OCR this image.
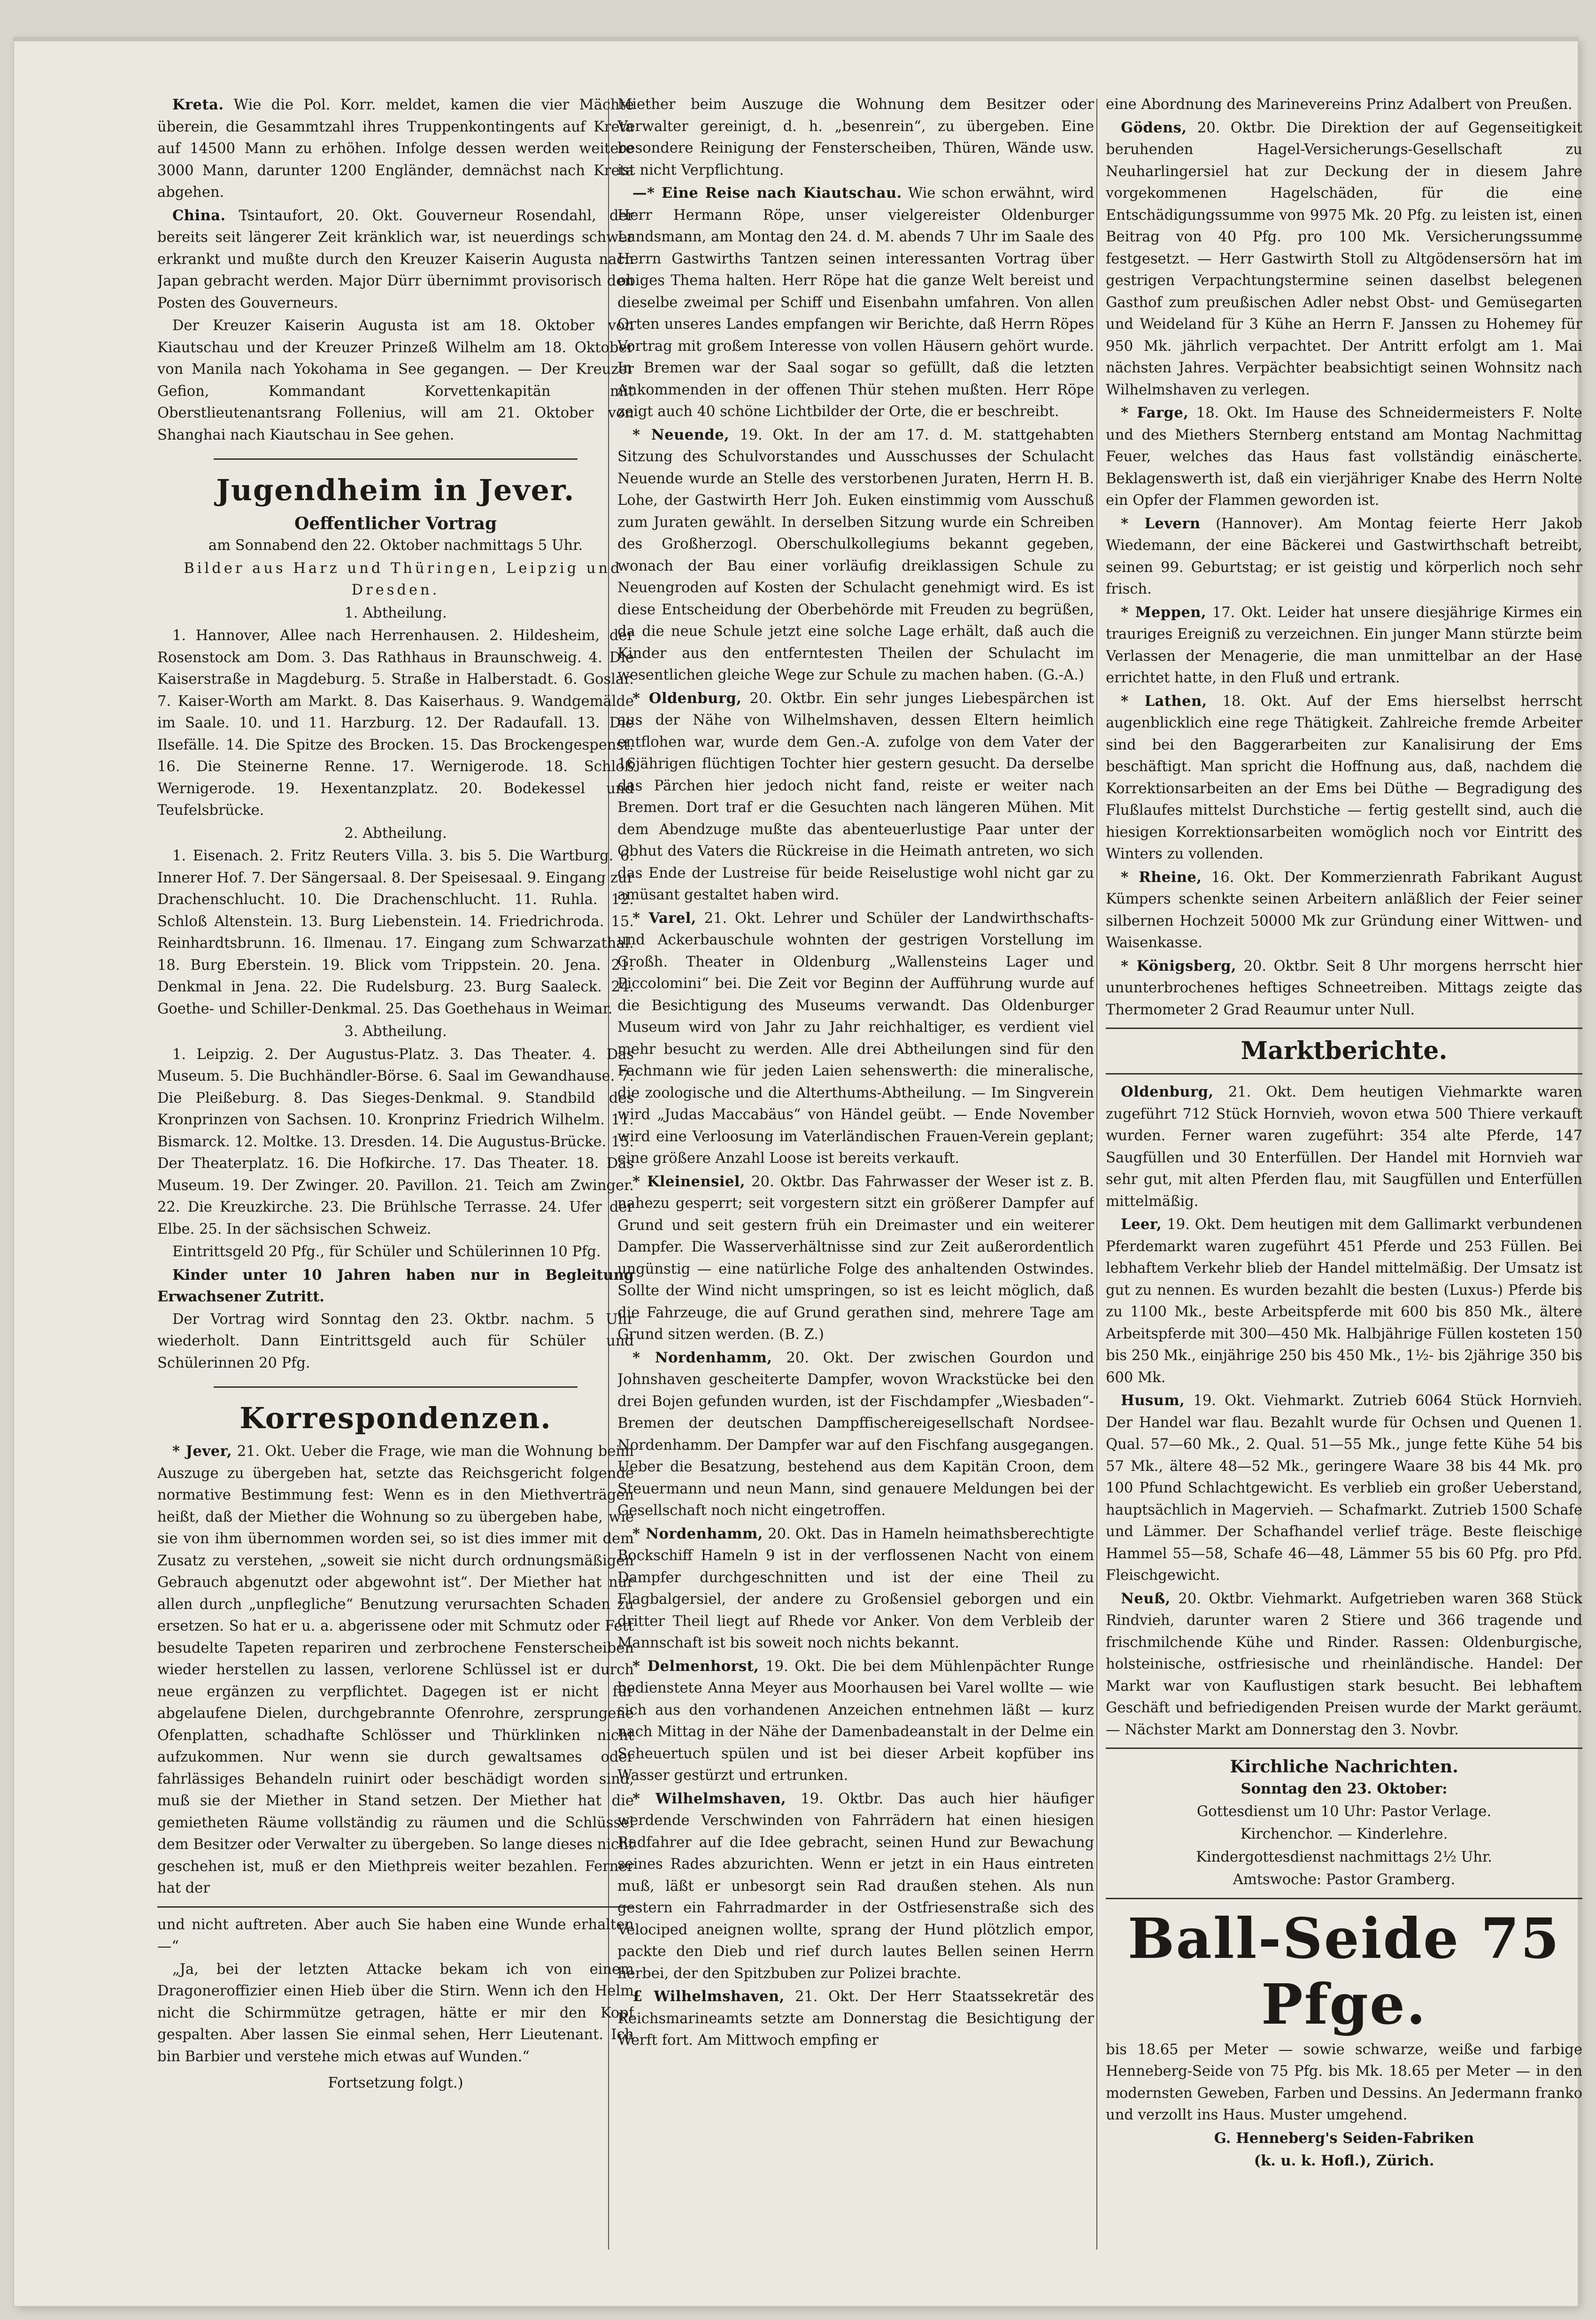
Kreta. Wie die Pol. Korr. meldet, kamen die vier Mächte überein, die Gesammtzahl ihres Truppenkontingents auf Kreta auf 14500 Mann zu erhöhen. Infolge dessen werden weitere 3000 Mann, darunter 1200 Engländer, demnächst nach Kreta abgehen.

China. Tsintaufort, 20. Okt. Gouverneur Rosendahl, der bereits seit längerer Zeit kränklich war, ist neuerdings schwer erkrankt und mußte durch den Kreuzer Kaiserin Augusta nach Japan gebracht werden. Major Dürr übernimmt provisorisch den Posten des Gouverneurs.

Der Kreuzer Kaiserin Augusta ist am 18. Oktober von Kiautschau und der Kreuzer Prinzeß Wilhelm am 18. Oktober von Manila nach Yokohama in See gegangen. — Der Kreuzer Gefion, Kommandant Korvettenkapitän mit Oberstlieutenantsrang Follenius, will am 21. Oktober von Shanghai nach Kiautschau in See gehen.

Jugendheim in Jever.
Oeffentlicher Vortrag

am Sonnabend den 22. Oktober nachmittags 5 Uhr.

Bilder aus Harz und Thüringen, Leipzig und Dresden.

1. Abtheilung.

1. Hannover, Allee nach Herrenhausen. 2. Hildesheim, der Rosenstock am Dom. 3. Das Rathhaus in Braunschweig. 4. Die Kaiserstraße in Magdeburg. 5. Straße in Halberstadt. 6. Goslar. 7. Kaiser-Worth am Markt. 8. Das Kaiserhaus. 9. Wandgemälde im Saale. 10. und 11. Harzburg. 12. Der Radaufall. 13. Die Ilsefälle. 14. Die Spitze des Brocken. 15. Das Brockengespenst. 16. Die Steinerne Renne. 17. Wernigerode. 18. Schloß Wernigerode. 19. Hexentanzplatz. 20. Bodekessel und Teufelsbrücke.

2. Abtheilung.

1. Eisenach. 2. Fritz Reuters Villa. 3. bis 5. Die Wartburg. 6. Innerer Hof. 7. Der Sängersaal. 8. Der Speisesaal. 9. Eingang zur Drachenschlucht. 10. Die Drachenschlucht. 11. Ruhla. 12. Schloß Altenstein. 13. Burg Liebenstein. 14. Friedrichroda. 15. Reinhardtsbrunn. 16. Ilmenau. 17. Eingang zum Schwarzathal. 18. Burg Eberstein. 19. Blick vom Trippstein. 20. Jena. 21. Denkmal in Jena. 22. Die Rudelsburg. 23. Burg Saaleck. 24. Goethe- und Schiller-Denkmal. 25. Das Goethehaus in Weimar.

3. Abtheilung.

1. Leipzig. 2. Der Augustus-Platz. 3. Das Theater. 4. Das Museum. 5. Die Buchhändler-Börse. 6. Saal im Gewandhause. 7. Die Pleißeburg. 8. Das Sieges-Denkmal. 9. Standbild des Kronprinzen von Sachsen. 10. Kronprinz Friedrich Wilhelm. 11. Bismarck. 12. Moltke. 13. Dresden. 14. Die Augustus-Brücke. 15. Der Theaterplatz. 16. Die Hofkirche. 17. Das Theater. 18. Das Museum. 19. Der Zwinger. 20. Pavillon. 21. Teich am Zwinger. 22. Die Kreuzkirche. 23. Die Brühlsche Terrasse. 24. Ufer der Elbe. 25. In der sächsischen Schweiz.

Eintrittsgeld 20 Pfg., für Schüler und Schülerinnen 10 Pfg.

Kinder unter 10 Jahren haben nur in Begleitung Erwachsener Zutritt.

Der Vortrag wird Sonntag den 23. Oktbr. nachm. 5 Uhr wiederholt. Dann Eintrittsgeld auch für Schüler und Schülerinnen 20 Pfg.

Korrespondenzen.

* Jever, 21. Okt. Ueber die Frage, wie man die Wohnung beim Auszuge zu übergeben hat, setzte das Reichsgericht folgende normative Bestimmung fest: Wenn es in den Miethverträgen heißt, daß der Miether die Wohnung so zu übergeben habe, wie sie von ihm übernommen worden sei, so ist dies immer mit dem Zusatz zu verstehen, „soweit sie nicht durch ordnungsmäßigen Gebrauch abgenutzt oder abgewohnt ist“. Der Miether hat nur allen durch „unpflegliche“ Benutzung verursachten Schaden zu ersetzen. So hat er u. a. abgerissene oder mit Schmutz oder Fett besudelte Tapeten repariren und zerbrochene Fensterscheiben wieder herstellen zu lassen, verlorene Schlüssel ist er durch neue ergänzen zu verpflichtet. Dagegen ist er nicht für abgelaufene Dielen, durchgebrannte Ofenrohre, zersprungene Ofenplatten, schadhafte Schlösser und Thürklinken nicht aufzukommen. Nur wenn sie durch gewaltsames oder fahrlässiges Behandeln ruinirt oder beschädigt worden sind, muß sie der Miether in Stand setzen. Der Miether hat die gemietheten Räume vollständig zu räumen und die Schlüssel dem Besitzer oder Verwalter zu übergeben. So lange dieses nicht geschehen ist, muß er den Miethpreis weiter bezahlen. Ferner hat der

und nicht auftreten. Aber auch Sie haben eine Wunde erhalten —“

„Ja, bei der letzten Attacke bekam ich von einem Dragoneroffizier einen Hieb über die Stirn. Wenn ich den Helm nicht die Schirmmütze getragen, hätte er mir den Kopf gespalten. Aber lassen Sie einmal sehen, Herr Lieutenant. Ich bin Barbier und verstehe mich etwas auf Wunden.“

Fortsetzung folgt.)

Miether beim Auszuge die Wohnung dem Besitzer oder Verwalter gereinigt, d. h. „besenrein“, zu übergeben. Eine besondere Reinigung der Fensterscheiben, Thüren, Wände usw. ist nicht Verpflichtung.

—* Eine Reise nach Kiautschau. Wie schon erwähnt, wird Herr Hermann Röpe, unser vielgereister Oldenburger Landsmann, am Montag den 24. d. M. abends 7 Uhr im Saale des Herrn Gastwirths Tantzen seinen interessanten Vortrag über obiges Thema halten. Herr Röpe hat die ganze Welt bereist und dieselbe zweimal per Schiff und Eisenbahn umfahren. Von allen Orten unseres Landes empfangen wir Berichte, daß Herrn Röpes Vortrag mit großem Interesse von vollen Häusern gehört wurde. In Bremen war der Saal sogar so gefüllt, daß die letzten Ankommenden in der offenen Thür stehen mußten. Herr Röpe zeigt auch 40 schöne Lichtbilder der Orte, die er beschreibt.

* Neuende, 19. Okt. In der am 17. d. M. stattgehabten Sitzung des Schulvorstandes und Ausschusses der Schulacht Neuende wurde an Stelle des verstorbenen Juraten, Herrn H. B. Lohe, der Gastwirth Herr Joh. Euken einstimmig vom Ausschuß zum Juraten gewählt. In derselben Sitzung wurde ein Schreiben des Großherzogl. Oberschulkollegiums bekannt gegeben, wonach der Bau einer vorläufig dreiklassigen Schule zu Neuengroden auf Kosten der Schulacht genehmigt wird. Es ist diese Entscheidung der Oberbehörde mit Freuden zu begrüßen, da die neue Schule jetzt eine solche Lage erhält, daß auch die Kinder aus den entferntesten Theilen der Schulacht im wesentlichen gleiche Wege zur Schule zu machen haben. (G.-A.)

* Oldenburg, 20. Oktbr. Ein sehr junges Liebespärchen ist aus der Nähe von Wilhelmshaven, dessen Eltern heimlich entflohen war, wurde dem Gen.-A. zufolge von dem Vater der 16jährigen flüchtigen Tochter hier gestern gesucht. Da derselbe das Pärchen hier jedoch nicht fand, reiste er weiter nach Bremen. Dort traf er die Gesuchten nach längeren Mühen. Mit dem Abendzuge mußte das abenteuerlustige Paar unter der Obhut des Vaters die Rückreise in die Heimath antreten, wo sich das Ende der Lustreise für beide Reiselustige wohl nicht gar zu amüsant gestaltet haben wird.

* Varel, 21. Okt. Lehrer und Schüler der Landwirthschafts- und Ackerbauschule wohnten der gestrigen Vorstellung im Großh. Theater in Oldenburg „Wallensteins Lager und Piccolomini“ bei. Die Zeit vor Beginn der Aufführung wurde auf die Besichtigung des Museums verwandt. Das Oldenburger Museum wird von Jahr zu Jahr reichhaltiger, es verdient viel mehr besucht zu werden. Alle drei Abtheilungen sind für den Fachmann wie für jeden Laien sehenswerth: die mineralische, die zoologische und die Alterthums-Abtheilung. — Im Singverein wird „Judas Maccabäus“ von Händel geübt. — Ende November wird eine Verloosung im Vaterländischen Frauen-Verein geplant; eine größere Anzahl Loose ist bereits verkauft.

* Kleinensiel, 20. Oktbr. Das Fahrwasser der Weser ist z. B. nahezu gesperrt; seit vorgestern sitzt ein größerer Dampfer auf Grund und seit gestern früh ein Dreimaster und ein weiterer Dampfer. Die Wasserverhältnisse sind zur Zeit außerordentlich ungünstig — eine natürliche Folge des anhaltenden Ostwindes. Sollte der Wind nicht umspringen, so ist es leicht möglich, daß die Fahrzeuge, die auf Grund gerathen sind, mehrere Tage am Grund sitzen werden. (B. Z.)

* Nordenhamm, 20. Okt. Der zwischen Gourdon und Johnshaven gescheiterte Dampfer, wovon Wrackstücke bei den drei Bojen gefunden wurden, ist der Fischdampfer „Wiesbaden“-Bremen der deutschen Dampffischereigesellschaft Nordsee-Nordenhamm. Der Dampfer war auf den Fischfang ausgegangen. Ueber die Besatzung, bestehend aus dem Kapitän Croon, dem Steuermann und neun Mann, sind genauere Meldungen bei der Gesellschaft noch nicht eingetroffen.

* Nordenhamm, 20. Okt. Das in Hameln heimathsberechtigte Bockschiff Hameln 9 ist in der verflossenen Nacht von einem Dampfer durchgeschnitten und ist der eine Theil zu Flagbalgersiel, der andere zu Großensiel geborgen und ein dritter Theil liegt auf Rhede vor Anker. Von dem Verbleib der Mannschaft ist bis soweit noch nichts bekannt.

* Delmenhorst, 19. Okt. Die bei dem Mühlenpächter Runge bedienstete Anna Meyer aus Moorhausen bei Varel wollte — wie sich aus den vorhandenen Anzeichen entnehmen läßt — kurz nach Mittag in der Nähe der Damenbadeanstalt in der Delme ein Scheuertuch spülen und ist bei dieser Arbeit kopfüber ins Wasser gestürzt und ertrunken.

* Wilhelmshaven, 19. Oktbr. Das auch hier häufiger werdende Verschwinden von Fahrrädern hat einen hiesigen Radfahrer auf die Idee gebracht, seinen Hund zur Bewachung seines Rades abzurichten. Wenn er jetzt in ein Haus eintreten muß, läßt er unbesorgt sein Rad draußen stehen. Als nun gestern ein Fahrradmarder in der Ostfriesenstraße sich des Velociped aneignen wollte, sprang der Hund plötzlich empor, packte den Dieb und rief durch lautes Bellen seinen Herrn herbei, der den Spitzbuben zur Polizei brachte.

£ Wilhelmshaven, 21. Okt. Der Herr Staatssekretär des Reichsmarineamts setzte am Donnerstag die Besichtigung der Werft fort. Am Mittwoch empfing er

eine Abordnung des Marinevereins Prinz Adalbert von Preußen.

Gödens, 20. Oktbr. Die Direktion der auf Gegenseitigkeit beruhenden Hagel-Versicherungs-Gesellschaft zu Neuharlingersiel hat zur Deckung der in diesem Jahre vorgekommenen Hagelschäden, für die eine Entschädigungssumme von 9975 Mk. 20 Pfg. zu leisten ist, einen Beitrag von 40 Pfg. pro 100 Mk. Versicherungssumme festgesetzt. — Herr Gastwirth Stoll zu Altgödensersörn hat im gestrigen Verpachtungstermine seinen daselbst belegenen Gasthof zum preußischen Adler nebst Obst- und Gemüsegarten und Weideland für 3 Kühe an Herrn F. Janssen zu Hohemey für 950 Mk. jährlich verpachtet. Der Antritt erfolgt am 1. Mai nächsten Jahres. Verpächter beabsichtigt seinen Wohnsitz nach Wilhelmshaven zu verlegen.

* Farge, 18. Okt. Im Hause des Schneidermeisters F. Nolte und des Miethers Sternberg entstand am Montag Nachmittag Feuer, welches das Haus fast vollständig einäscherte. Beklagenswerth ist, daß ein vierjähriger Knabe des Herrn Nolte ein Opfer der Flammen geworden ist.

* Levern (Hannover). Am Montag feierte Herr Jakob Wiedemann, der eine Bäckerei und Gastwirthschaft betreibt, seinen 99. Geburtstag; er ist geistig und körperlich noch sehr frisch.

* Meppen, 17. Okt. Leider hat unsere diesjährige Kirmes ein trauriges Ereigniß zu verzeichnen. Ein junger Mann stürzte beim Verlassen der Menagerie, die man unmittelbar an der Hase errichtet hatte, in den Fluß und ertrank.

* Lathen, 18. Okt. Auf der Ems hierselbst herrscht augenblicklich eine rege Thätigkeit. Zahlreiche fremde Arbeiter sind bei den Baggerarbeiten zur Kanalisirung der Ems beschäftigt. Man spricht die Hoffnung aus, daß, nachdem die Korrektionsarbeiten an der Ems bei Düthe — Begradigung des Flußlaufes mittelst Durchstiche — fertig gestellt sind, auch die hiesigen Korrektionsarbeiten womöglich noch vor Eintritt des Winters zu vollenden.

* Rheine, 16. Okt. Der Kommerzienrath Fabrikant August Kümpers schenkte seinen Arbeitern anläßlich der Feier seiner silbernen Hochzeit 50000 Mk zur Gründung einer Wittwen- und Waisenkasse.

* Königsberg, 20. Oktbr. Seit 8 Uhr morgens herrscht hier ununterbrochenes heftiges Schneetreiben. Mittags zeigte das Thermometer 2 Grad Reaumur unter Null.

Marktberichte.

Oldenburg, 21. Okt. Dem heutigen Viehmarkte waren zugeführt 712 Stück Hornvieh, wovon etwa 500 Thiere verkauft wurden. Ferner waren zugeführt: 354 alte Pferde, 147 Saugfüllen und 30 Enterfüllen. Der Handel mit Hornvieh war sehr gut, mit alten Pferden flau, mit Saugfüllen und Enterfüllen mittelmäßig.

Leer, 19. Okt. Dem heutigen mit dem Gallimarkt verbundenen Pferdemarkt waren zugeführt 451 Pferde und 253 Füllen. Bei lebhaftem Verkehr blieb der Handel mittelmäßig. Der Umsatz ist gut zu nennen. Es wurden bezahlt die besten (Luxus-) Pferde bis zu 1100 Mk., beste Arbeitspferde mit 600 bis 850 Mk., ältere Arbeitspferde mit 300—450 Mk. Halbjährige Füllen kosteten 150 bis 250 Mk., einjährige 250 bis 450 Mk., 1½- bis 2jährige 350 bis 600 Mk.

Husum, 19. Okt. Viehmarkt. Zutrieb 6064 Stück Hornvieh. Der Handel war flau. Bezahlt wurde für Ochsen und Quenen 1. Qual. 57—60 Mk., 2. Qual. 51—55 Mk., junge fette Kühe 54 bis 57 Mk., ältere 48—52 Mk., geringere Waare 38 bis 44 Mk. pro 100 Pfund Schlachtgewicht. Es verblieb ein großer Ueberstand, hauptsächlich in Magervieh. — Schafmarkt. Zutrieb 1500 Schafe und Lämmer. Der Schafhandel verlief träge. Beste fleischige Hammel 55—58, Schafe 46—48, Lämmer 55 bis 60 Pfg. pro Pfd. Fleischgewicht.

Neuß, 20. Oktbr. Viehmarkt. Aufgetrieben waren 368 Stück Rindvieh, darunter waren 2 Stiere und 366 tragende und frischmilchende Kühe und Rinder. Rassen: Oldenburgische, holsteinische, ostfriesische und rheinländische. Handel: Der Markt war von Kauflustigen stark besucht. Bei lebhaftem Geschäft und befriedigenden Preisen wurde der Markt geräumt. — Nächster Markt am Donnerstag den 3. Novbr.

Kirchliche Nachrichten.

Sonntag den 23. Oktober:

Gottesdienst um 10 Uhr: Pastor Verlage.

Kirchenchor. — Kinderlehre.

Kindergottesdienst nachmittags 2½ Uhr.

Amtswoche: Pastor Gramberg.

Ball-Seide 75 Pfge.

bis 18.65 per Meter — sowie schwarze, weiße und farbige Henneberg-Seide von 75 Pfg. bis Mk. 18.65 per Meter — in den modernsten Geweben, Farben und Dessins. An Jedermann franko und verzollt ins Haus. Muster umgehend.

G. Henneberg's Seiden-Fabriken

(k. u. k. Hofl.), Zürich.
